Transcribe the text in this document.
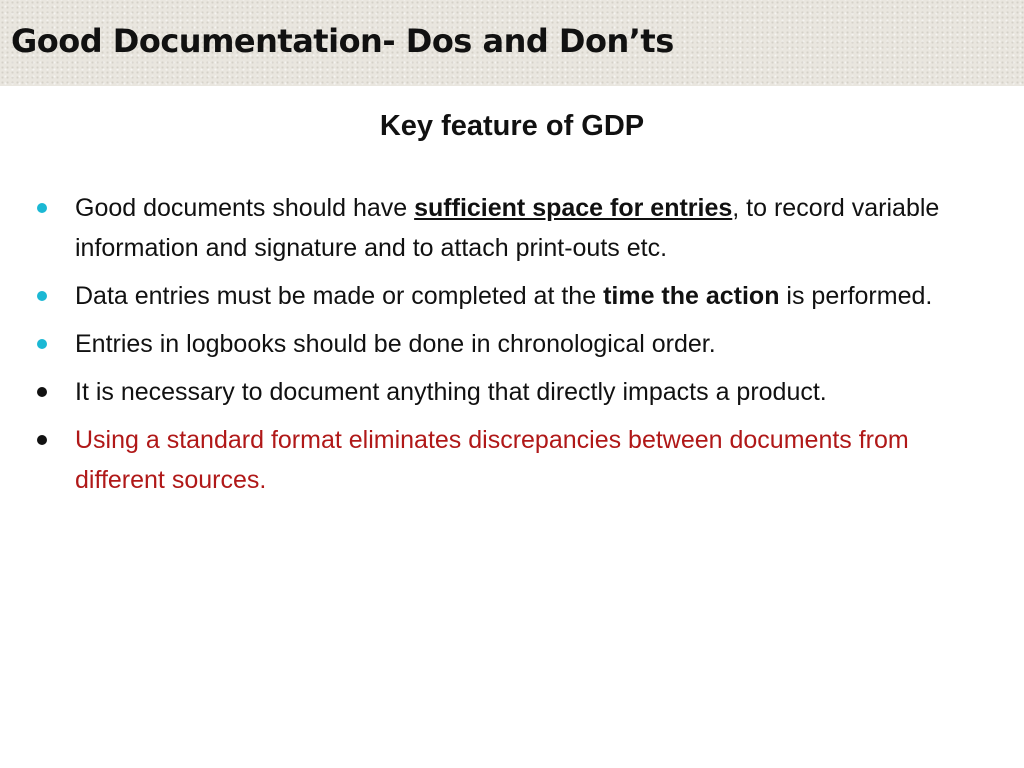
Good Documentation- Dos and Don’ts
Key feature of GDP
Good documents should have sufficient space for entries, to record variable information and signature and to attach print-outs etc.
Data entries must be made or completed at the time the action is performed.
Entries in logbooks should be done in chronological order.
It is necessary to document anything that directly impacts a product.
Using a standard format eliminates discrepancies between documents from different sources.
